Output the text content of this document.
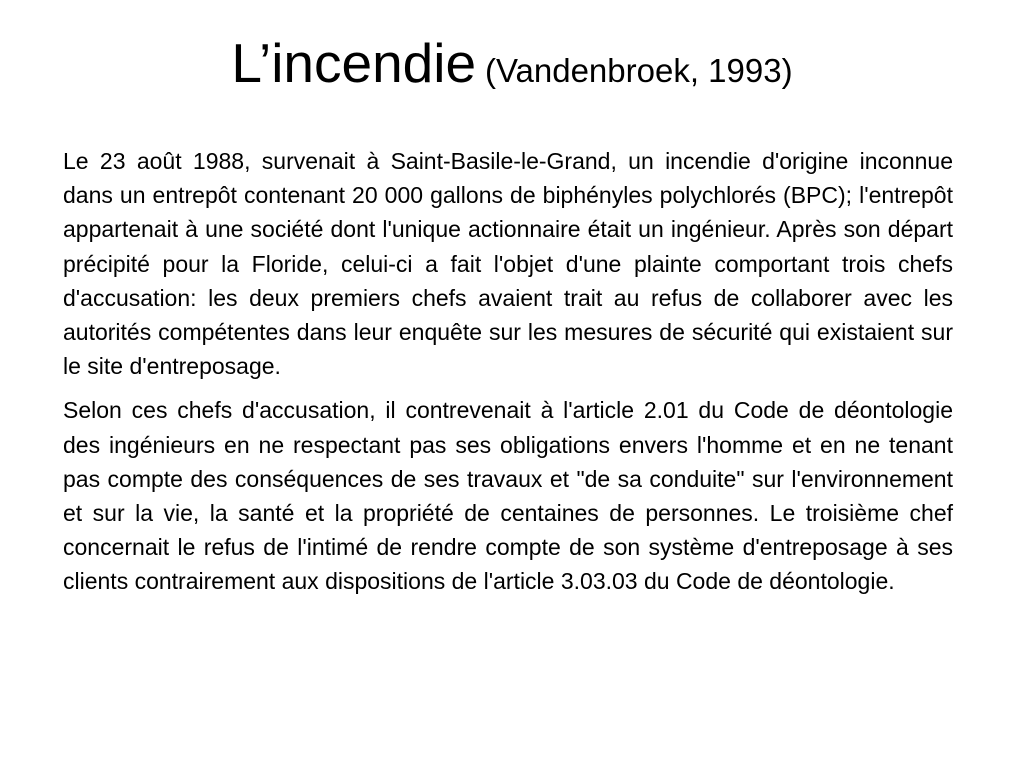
L’incendie (Vandenbroek, 1993)

Le 23 août 1988, survenait à Saint-Basile-le-Grand, un incendie d'origine inconnue dans un entrepôt contenant 20 000 gallons de biphényles polychlorés (BPC); l'entrepôt appartenait à une société dont l'unique actionnaire était un ingénieur. Après son départ précipité pour la Floride, celui-ci a fait l'objet d'une plainte comportant trois chefs d'accusation: les deux premiers chefs avaient trait au refus de collaborer avec les autorités compétentes dans leur enquête sur les mesures de sécurité qui existaient sur le site d'entreposage.

Selon ces chefs d'accusation, il contrevenait à l'article 2.01 du Code de déontologie des ingénieurs en ne respectant pas ses obligations envers l'homme et en ne tenant pas compte des conséquences de ses travaux et "de sa conduite" sur l'environnement et sur la vie, la santé et la propriété de centaines de personnes. Le troisième chef concernait le refus de l'intimé de rendre compte de son système d'entreposage à ses clients contrairement aux dispositions de l'article 3.03.03 du Code de déontologie.
